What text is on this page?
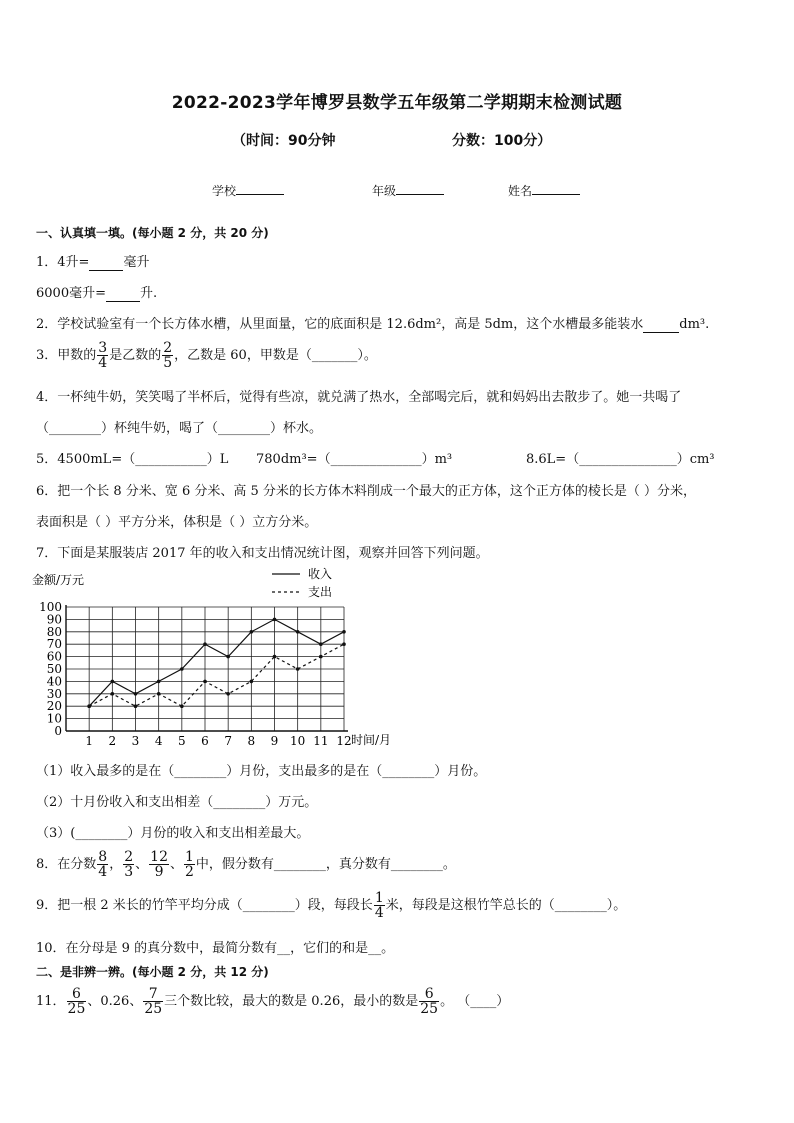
2022-2023学年博罗县数学五年级第二学期期末检测试题
（时间：90分钟	分数：100分）
学校	年级	姓名
一、认真填一填。(每小题 2 分，共 20 分)
1．4升=	毫升
6000毫升=	升.
2．学校试验室有一个长方体水槽，从里面量，它的底面积是 12.6dm²，高是 5dm，这个水槽最多能装水	dm³.
3．甲数的 $\frac{3}{4}$ 是乙数的 $\frac{2}{5}$ ，乙数是 60，甲数是（_______）。
4．一杯纯牛奶，笑笑喝了半杯后，觉得有些凉，就兑满了热水，全部喝完后，就和妈妈出去散步了。她一共喝了
（________）杯纯牛奶，喝了（________）杯水。
5．4500mL=（___________）L 780dm³=（______________）m³	8.6L=（_______________）cm³
6．把一个长 8 分米、宽 6 分米、高 5 分米的长方体木料削成一个最大的正方体，这个正方体的棱长是（ ）分米，
表面积是（ ）平方分米，体积是（ ）立方分米。
7．下面是某服装店 2017 年的收入和支出情况统计图，观察并回答下列问题。
0
10
20
30
40
50
60
70
80
90
100
1 2 3 4 5 6 7 8 9 10 11 12
金额/万元
时间/月
收入
支出
（1）收入最多的是在（________）月份，支出最多的是在（________）月份。
（2）十月份收入和支出相差（________）万元。
（3）(________）月份的收入和支出相差最大。
8．在分数 $\frac{8}{4}$ ， $\frac{2}{3}$ 、 $\frac{12}{9}$ 、 $\frac{1}{2}$ 中，假分数有________，真分数有________。
9．把一根 2 米长的竹竿平均分成（________）段，每段长 $\frac{1}{4}$ 米，每段是这根竹竿总长的（________）。
10．在分母是 9 的真分数中，最简分数有__，它们的和是__。
二、是非辨一辨。(每小题 2 分，共 12 分)
11． $\frac{6}{25}$ 、0.26、 $\frac{7}{25}$ 三个数比较，最大的数是 0.26，最小的数是 $\frac{6}{25}$ 。 （____）
